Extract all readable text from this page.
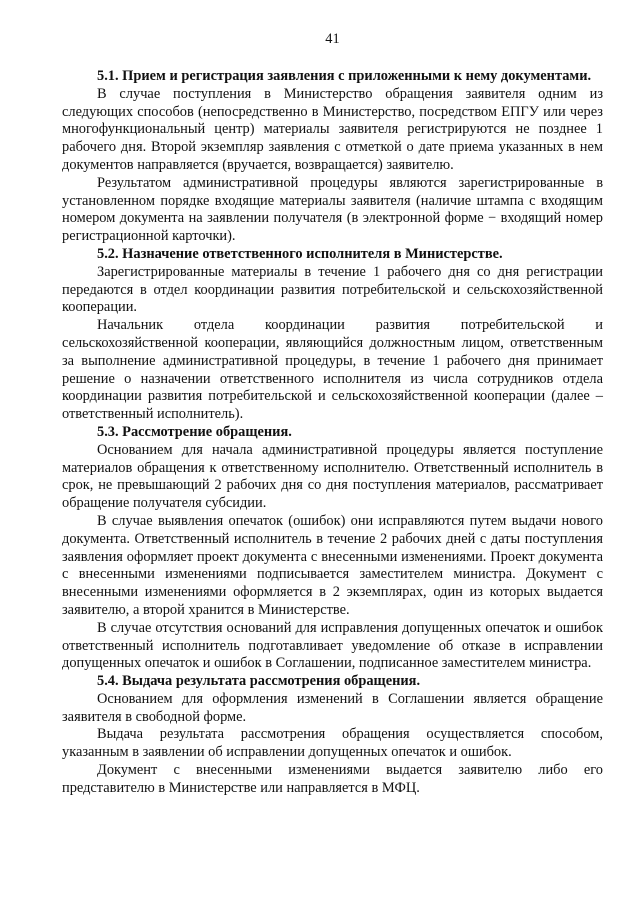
41

5.1. Прием и регистрация заявления с приложенными к нему документами.

В случае поступления в Министерство обращения заявителя одним из следующих способов (непосредственно в Министерство, посредством ЕПГУ или через многофункциональный центр) материалы заявителя регистрируются не позднее 1 рабочего дня. Второй экземпляр заявления с отметкой о дате приема указанных в нем документов направляется (вручается, возвращается) заявителю.

Результатом административной процедуры являются зарегистрированные в установленном порядке входящие материалы заявителя (наличие штампа с входящим номером документа на заявлении получателя (в электронной форме − входящий номер регистрационной карточки).

5.2. Назначение ответственного исполнителя в Министерстве.

Зарегистрированные материалы в течение 1 рабочего дня со дня регистрации передаются в отдел координации развития потребительской и сельскохозяйственной кооперации.

Начальник отдела координации развития потребительской и сельскохозяйственной кооперации, являющийся должностным лицом, ответственным за выполнение административной процедуры, в течение 1 рабочего дня принимает решение о назначении ответственного исполнителя из числа сотрудников отдела координации развития потребительской и сельскохозяйственной кооперации (далее – ответственный исполнитель).

5.3. Рассмотрение обращения.

Основанием для начала административной процедуры является поступление материалов обращения к ответственному исполнителю. Ответственный исполнитель в срок, не превышающий 2 рабочих дня со дня поступления материалов, рассматривает обращение получателя субсидии.

В случае выявления опечаток (ошибок) они исправляются путем выдачи нового документа. Ответственный исполнитель в течение 2 рабочих дней с даты поступления заявления оформляет проект документа с внесенными изменениями. Проект документа с внесенными изменениями подписывается заместителем министра. Документ с внесенными изменениями оформляется в 2 экземплярах, один из которых выдается заявителю, а второй хранится в Министерстве.

В случае отсутствия оснований для исправления допущенных опечаток и ошибок ответственный исполнитель подготавливает уведомление об отказе в исправлении допущенных опечаток и ошибок в Соглашении, подписанное заместителем министра.

5.4. Выдача результата рассмотрения обращения.

Основанием для оформления изменений в Соглашении является обращение заявителя в свободной форме.

Выдача результата рассмотрения обращения осуществляется способом, указанным в заявлении об исправлении допущенных опечаток и ошибок.

Документ с внесенными изменениями выдается заявителю либо его представителю в Министерстве или направляется в МФЦ.
